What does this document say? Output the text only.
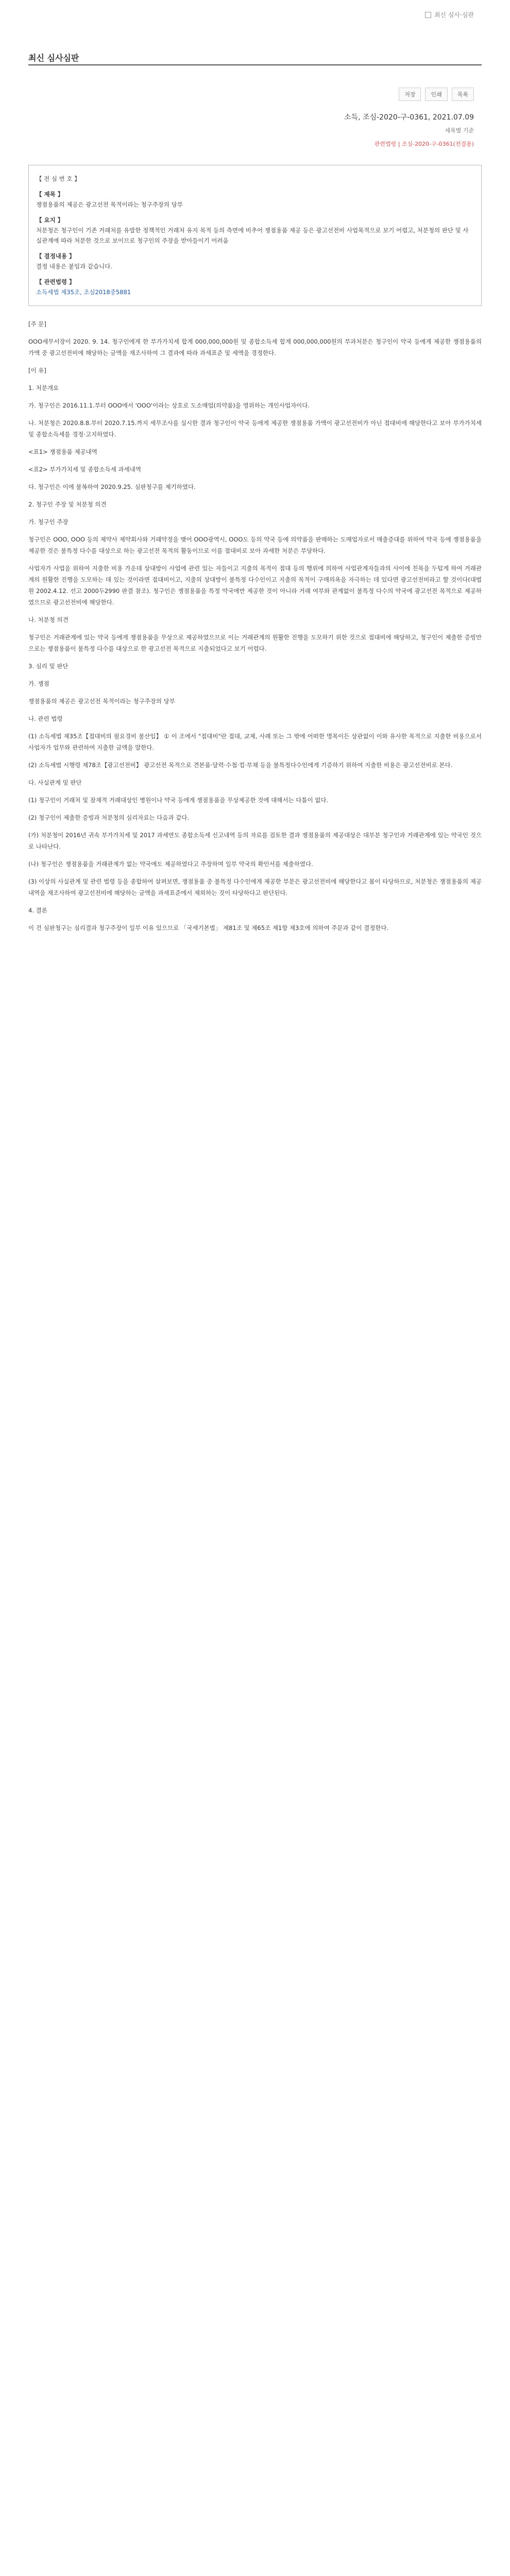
최신 심사·심판
최신 심사심판
저장	인쇄	목록
소득, 조심-2020-구-0361, 2021.07.09
세목별 기준
관련법령 | 조심-2020-구-0361(전결용)
【 전 심 번 호 】
【 제목 】
쟁점용품의 제공은 광고선전 목적이라는 청구주장의 당부
【 요지 】
처분청은 청구인이 기존 거래처를 유발한 정책적인 거래처 유지 목적 등의 측면에 비추어 쟁점용품 제공 등은 광고선전비 사업목적으로 보기 어렵고, 처분청의 판단 및 사실관계에 따라 처분한 것으로 보이므로 청구인의 주장을 받아들이기 어려움
【 결정내용 】
결정 내용은 붙임과 같습니다.
【 관련법령 】
소득세법 제35조, 조심2018중5881

[주 문]

OOO세무서장이 2020. 9. 14. 청구인에게 한 부가가치세 합계 000,000,000원 및 종합소득세 합계 000,000,000원의 부과처분은 청구인이 약국 등에게 제공한 쟁점용품의 가액 중 광고선전비에 해당하는 금액을 재조사하여 그 결과에 따라 과세표준 및 세액을 경정한다.

[이 유]

1. 처분개요

가. 청구인은 2016.11.1.부터 OOO에서 'OOO'이라는 상호로 도소매업(의약품)을 영위하는 개인사업자이다.

나. 처분청은 2020.8.8.부터 2020.7.15.까지 세무조사를 실시한 결과 청구인이 약국 등에게 제공한 쟁점용품 가액이 광고선전비가 아닌 접대비에 해당한다고 보아 부가가치세 및 종합소득세를 경정·고지하였다.

<표1> 쟁점용품 제공내역

<표2> 부가가치세 및 종합소득세 과세내역

다. 청구인은 이에 불복하여 2020.9.25. 심판청구를 제기하였다.

2. 청구인 주장 및 처분청 의견

가. 청구인 주장

청구인은 OOO, OOO 등의 제약사 제약회사와 거래약정을 맺어 OOO광역시, OOO도 등의 약국 등에 의약품을 판매하는 도매업자로서 매출증대를 위하여 약국 등에 쟁점용품을 제공한 것은 불특정 다수를 대상으로 하는 광고선전 목적의 활동이므로 이를 접대비로 보아 과세한 처분은 부당하다.

사업자가 사업을 위하여 지출한 비용 가운데 상대방이 사업에 관련 있는 자들이고 지출의 목적이 접대 등의 행위에 의하여 사업관계자들과의 사이에 친목을 두텁게 하여 거래관계의 원활한 진행을 도모하는 데 있는 것이라면 접대비이고, 지출의 상대방이 불특정 다수인이고 지출의 목적이 구매의욕을 자극하는 데 있다면 광고선전비라고 할 것이다(대법원 2002.4.12. 선고 2000두2990 판결 참조). 청구인은 쟁점용품을 특정 약국에만 제공한 것이 아니라 거래 여부와 관계없이 불특정 다수의 약국에 광고선전 목적으로 제공하였으므로 광고선전비에 해당한다.

나. 처분청 의견

청구인은 거래관계에 있는 약국 등에게 쟁점용품을 무상으로 제공하였으므로 이는 거래관계의 원활한 진행을 도모하기 위한 것으로 접대비에 해당하고, 청구인이 제출한 증빙만으로는 쟁점용품이 불특정 다수를 대상으로 한 광고선전 목적으로 지출되었다고 보기 어렵다.

3. 심리 및 판단

가. 쟁점

쟁점용품의 제공은 광고선전 목적이라는 청구주장의 당부

나. 관련 법령

(1) 소득세법 제35조【접대비의 필요경비 불산입】 ① 이 조에서 "접대비"란 접대, 교제, 사례 또는 그 밖에 어떠한 명목이든 상관없이 이와 유사한 목적으로 지출한 비용으로서 사업자가 업무와 관련하여 지출한 금액을 말한다.

(2) 소득세법 시행령 제78조【광고선전비】 광고선전 목적으로 견본품·달력·수첩·컵·부채 등을 불특정다수인에게 기증하기 위하여 지출한 비용은 광고선전비로 본다.

다. 사실관계 및 판단

(1) 청구인이 거래처 및 잠재적 거래대상인 병원이나 약국 등에게 쟁점용품을 무상제공한 것에 대해서는 다툼이 없다.

(2) 청구인이 제출한 증빙과 처분청의 심리자료는 다음과 같다.

(가) 처분청이 2016년 귀속 부가가치세 및 2017 과세연도 종합소득세 신고내역 등의 자료를 검토한 결과 쟁점용품의 제공대상은 대부분 청구인과 거래관계에 있는 약국인 것으로 나타난다.

(나) 청구인은 쟁점용품을 거래관계가 없는 약국에도 제공하였다고 주장하며 일부 약국의 확인서를 제출하였다.

(3) 이상의 사실관계 및 관련 법령 등을 종합하여 살펴보면, 쟁점용품 중 불특정 다수인에게 제공한 부분은 광고선전비에 해당한다고 봄이 타당하므로, 처분청은 쟁점용품의 제공내역을 재조사하여 광고선전비에 해당하는 금액을 과세표준에서 제외하는 것이 타당하다고 판단된다.

4. 결론

이 건 심판청구는 심리결과 청구주장이 일부 이유 있으므로 「국세기본법」 제81조 및 제65조 제1항 제3호에 의하여 주문과 같이 결정한다.
